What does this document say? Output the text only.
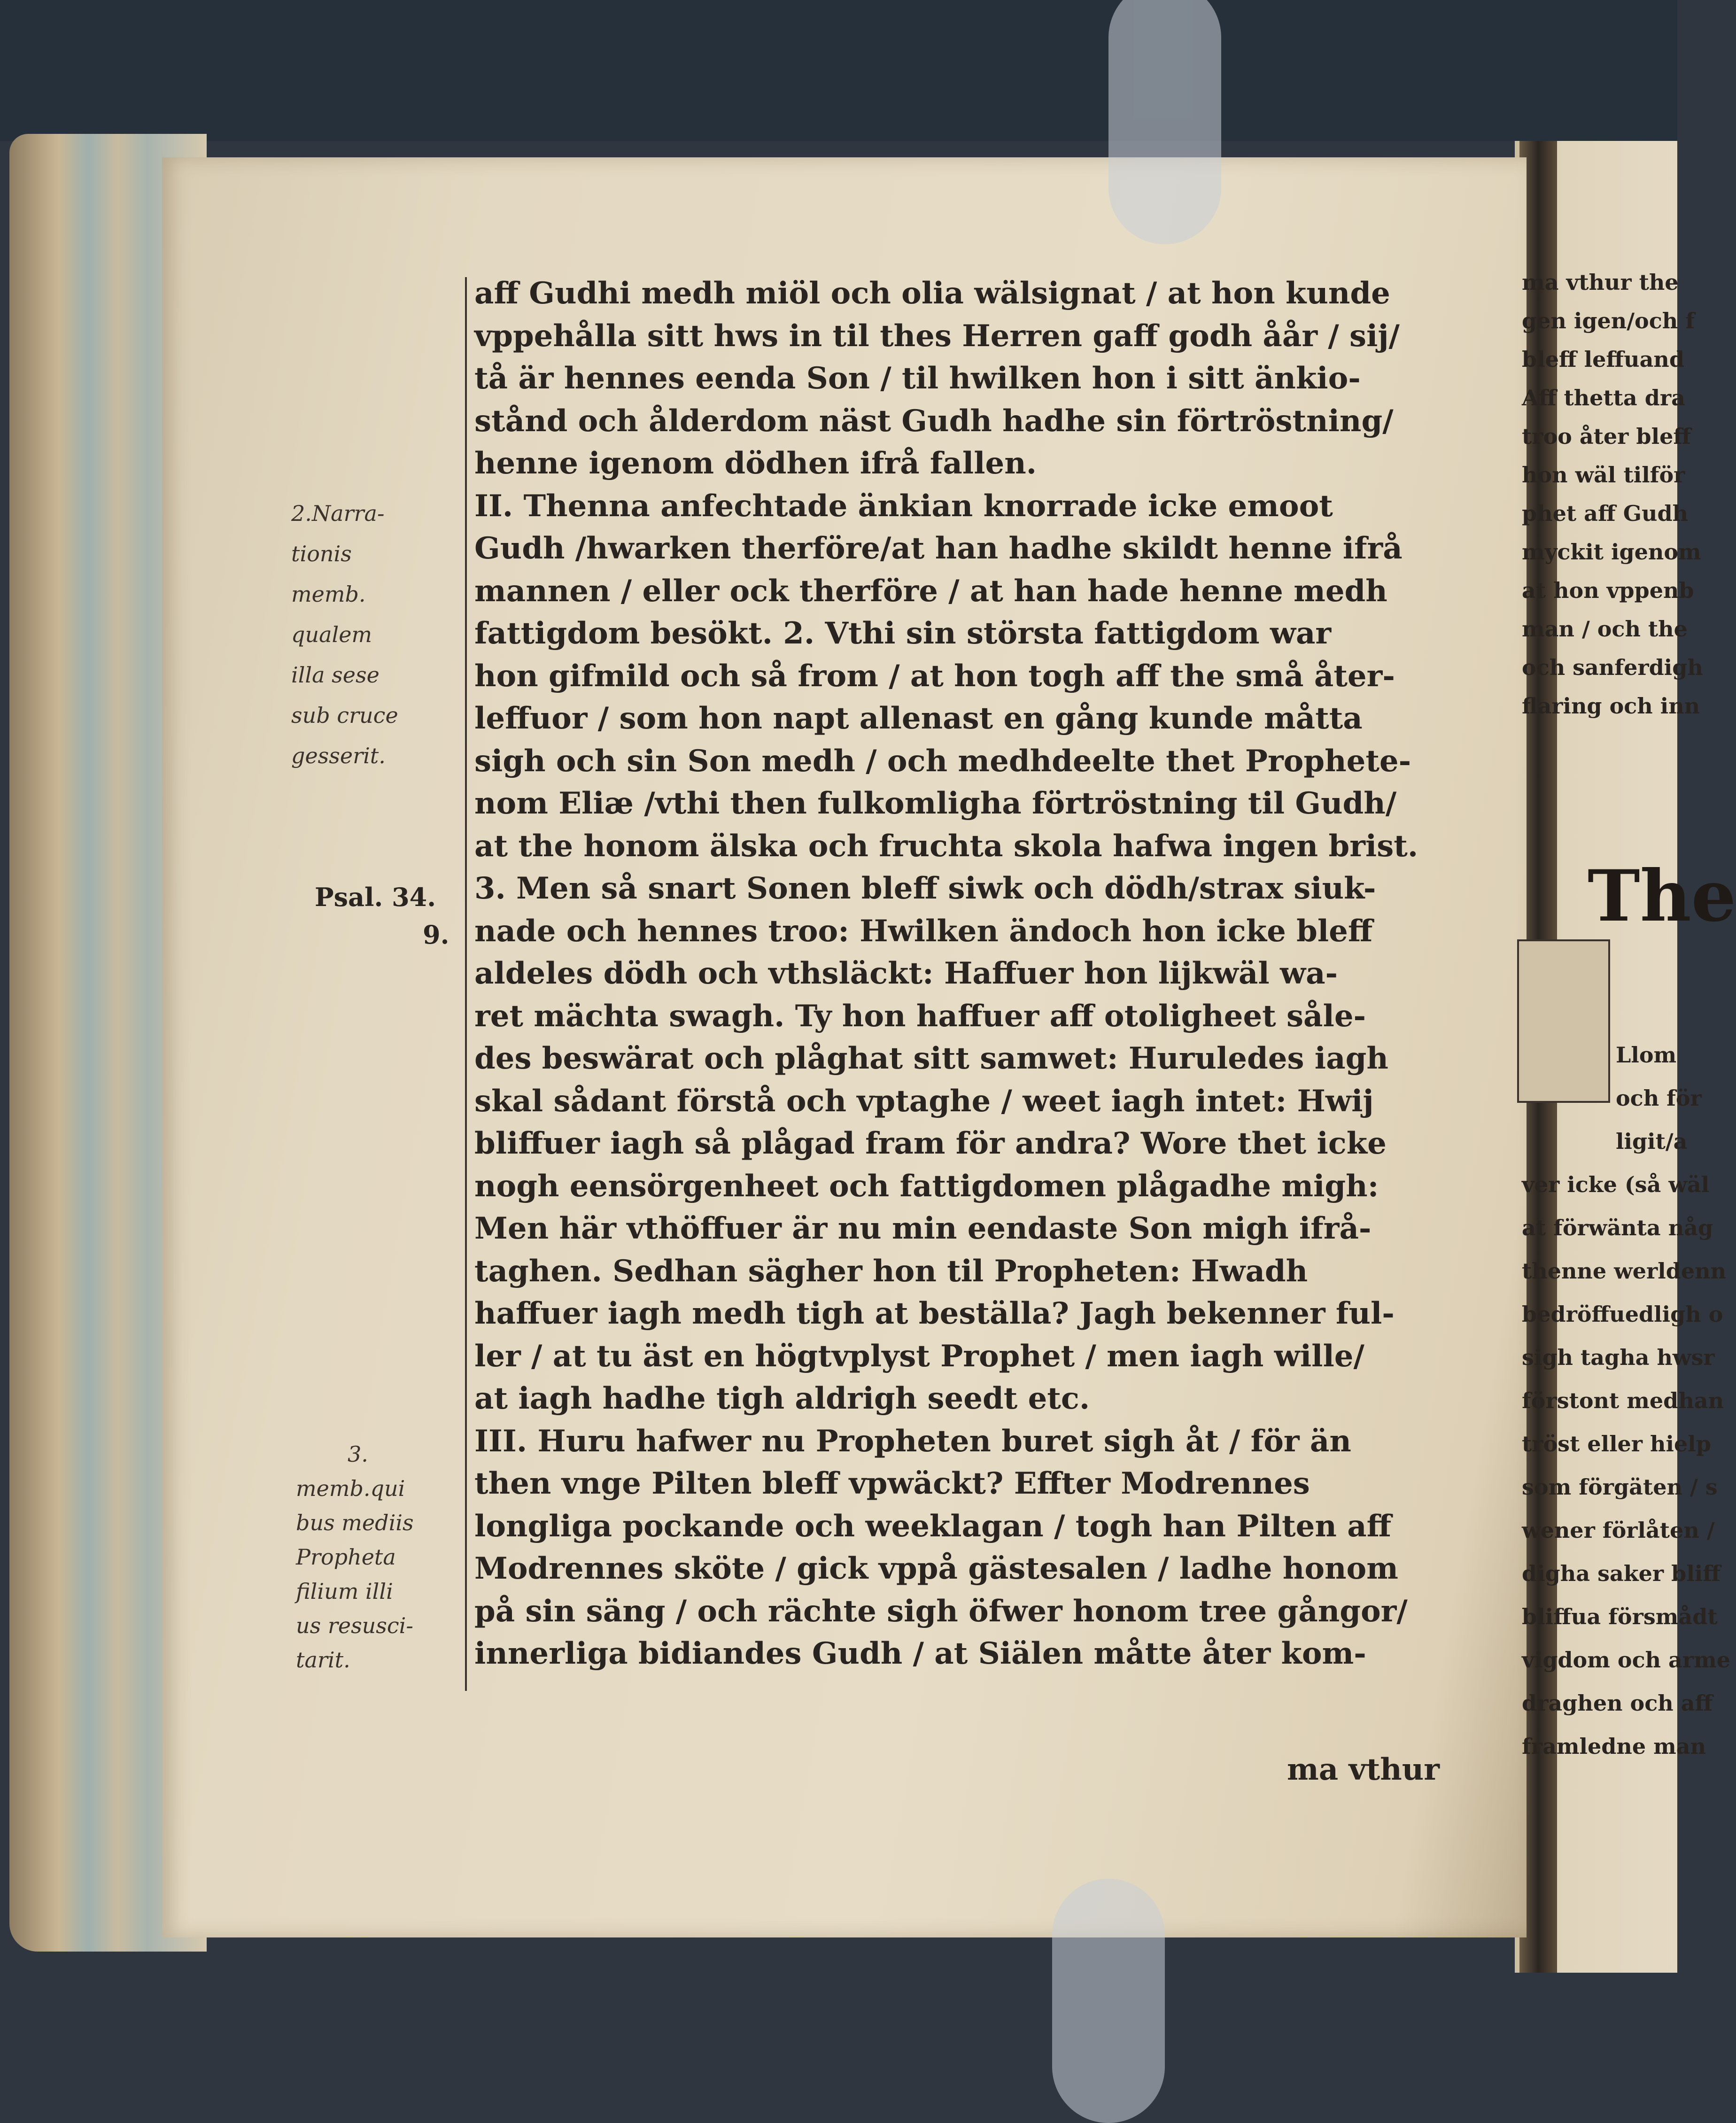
aff Gudhi medh miöl och olia wälsignat / at hon kunde
vppehålla sitt hws in til thes Herren gaff godh åår / sij/
tå är hennes eenda Son / til hwilken hon i sitt änkio-
stånd och ålderdom näst Gudh hadhe sin förtröstning/
henne igenom dödhen ifrå fallen.
II. Thenna anfechtade änkian knorrade icke emoot
Gudh /hwarken therföre/at han hadhe skildt henne ifrå
mannen / eller ock therföre / at han hade henne medh
fattigdom besökt. 2. Vthi sin största fattigdom war
hon gifmild och så from / at hon togh aff the små åter-
leffuor / som hon napt allenast en gång kunde måtta
sigh och sin Son medh / och medhdeelte thet Prophete-
nom Eliæ /vthi then fulkomligha förtröstning til Gudh/
at the honom älska och fruchta skola hafwa ingen brist.
3. Men så snart Sonen bleff siwk och dödh/strax siuk-
nade och hennes troo: Hwilken ändoch hon icke bleff
aldeles dödh och vthsläckt: Haffuer hon lijkwäl wa-
ret mächta swagh. Ty hon haffuer aff otoligheet såle-
des beswärat och plåghat sitt samwet: Huruledes iagh
skal sådant förstå och vptaghe / weet iagh intet: Hwij
bliffuer iagh så plågad fram för andra? Wore thet icke
nogh eensörgenheet och fattigdomen plågadhe migh:
Men här vthöffuer är nu min eendaste Son migh ifrå-
taghen. Sedhan sägher hon til Propheten: Hwadh
haffuer iagh medh tigh at beställa? Jagh bekenner ful-
ler / at tu äst en högtvplyst Prophet / men iagh wille/
at iagh hadhe tigh aldrigh seedt etc.
III. Huru hafwer nu Propheten buret sigh åt / för än
then vnge Pilten bleff vpwäckt? Effter Modrennes
longliga pockande och weeklagan / togh han Pilten aff
Modrennes sköte / gick vppå gästesalen / ladhe honom
på sin säng / och rächte sigh öfwer honom tree gångor/
innerliga bidiandes Gudh / at Siälen måtte åter kom-
ma vthur
2.Narra-
tionis
memb.
qualem
illa sese
sub cruce
gesserit.
Psal. 34.
9.
3.
memb.qui
bus mediis
Propheta
filium illi
us resusci-
tarit.
ma vthur the
gen igen/och f
bleff leffuand
Aff thetta dra
troo åter bleff
hon wäl tilför
phet aff Gudh
myckit igenom
at hon vppenb
man / och the
och sanferdigh
flaring och inn
The
Llom
och för
ligit/a
ver icke (så wäl
at förwänta någ
thenne werldenn
bedröffuedligh o
sigh tagha hwsr
förstont medhan
tröst eller hielp
som förgäten / s
wener förlåten /
digha saker bliff
bliffua försmådt
vigdom och arme
draghen och aff
framledne man
